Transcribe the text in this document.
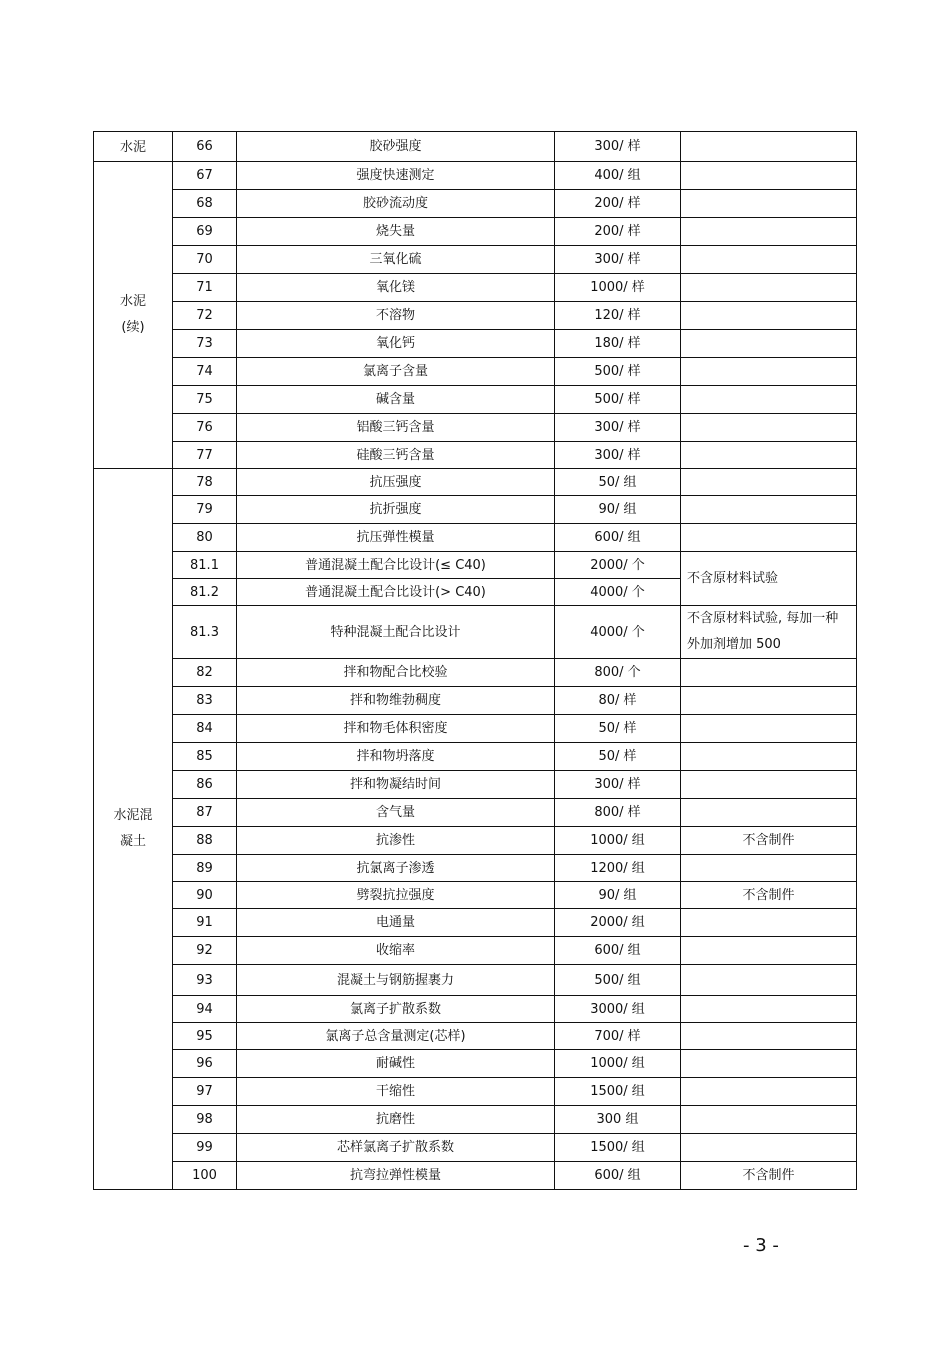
水泥	66	胶砂强度	300/ 样	

水泥
(续)	67	强度快速测定	400/ 组	
	68	胶砂流动度	200/ 样	
	69	烧失量	200/ 样	
	70	三氧化硫	300/ 样	
	71	氧化镁	1000/ 样	
	72	不溶物	120/ 样	
	73	氧化钙	180/ 样	
	74	氯离子含量	500/ 样	
	75	碱含量	500/ 样	
	76	铝酸三钙含量	300/ 样	
	77	硅酸三钙含量	300/ 样	

水泥混
凝土	78	抗压强度	50/ 组	
	79	抗折强度	90/ 组	
	80	抗压弹性模量	600/ 组	
	81.1	普通混凝土配合比设计(≤ C40)	2000/ 个	不含原材料试验
	81.2	普通混凝土配合比设计(> C40)	4000/ 个	
	81.3	特种混凝土配合比设计	4000/ 个	不含原材料试验, 每加一种外加剂增加 500
	82	拌和物配合比校验	800/ 个	
	83	拌和物维勃稠度	80/ 样	
	84	拌和物毛体积密度	50/ 样	
	85	拌和物坍落度	50/ 样	
	86	拌和物凝结时间	300/ 样	
	87	含气量	800/ 样	
	88	抗渗性	1000/ 组	不含制件
	89	抗氯离子渗透	1200/ 组	
	90	劈裂抗拉强度	90/ 组	不含制件
	91	电通量	2000/ 组	
	92	收缩率	600/ 组	
	93	混凝土与钢筋握裹力	500/ 组	
	94	氯离子扩散系数	3000/ 组	
	95	氯离子总含量测定(芯样)	700/ 样	
	96	耐碱性	1000/ 组	
	97	干缩性	1500/ 组	
	98	抗磨性	300 组	
	99	芯样氯离子扩散系数	1500/ 组	
	100	抗弯拉弹性模量	600/ 组	不含制件
- 3 -
